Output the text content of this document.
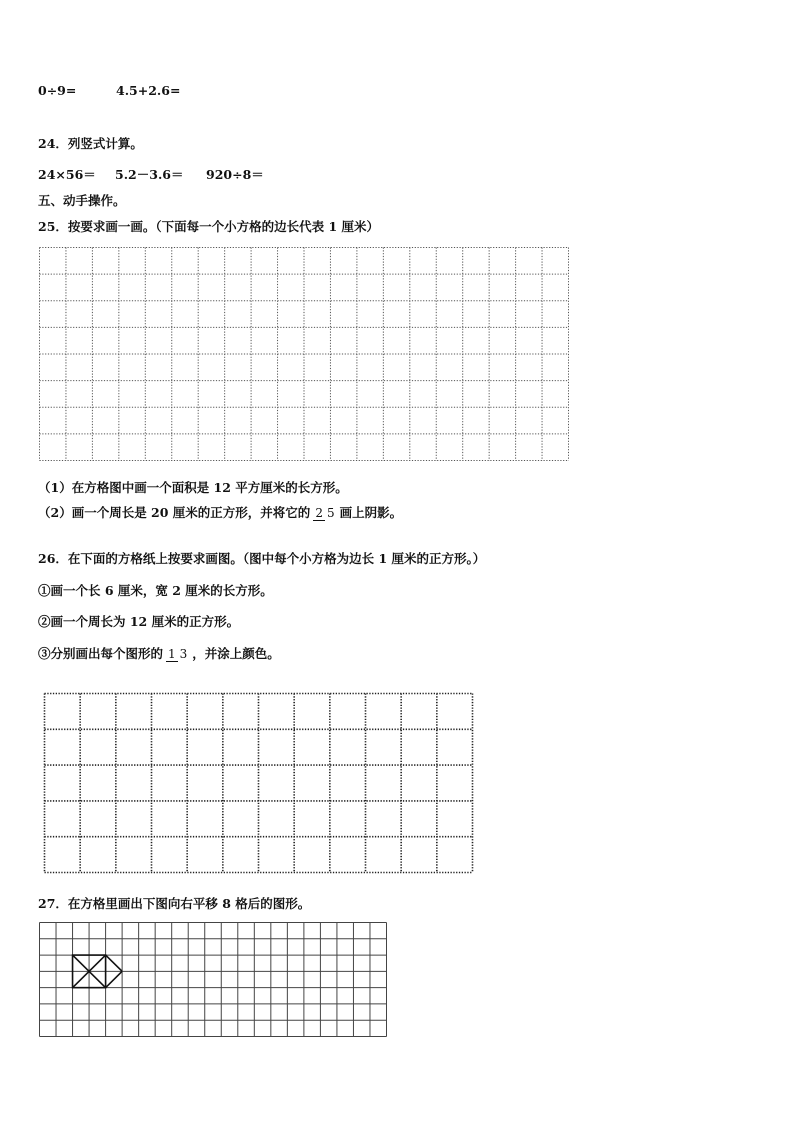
0÷9=	4.5+2.6=
24．列竖式计算。
24×56＝ 5.2－3.6＝ 920÷8＝
五、动手操作。
25．按要求画一画。（下面每一个小方格的边长代表 1 厘米）
（1）在方格图中画一个面积是 12 平方厘米的长方形。
（2）画一个周长是 20 厘米的正方形，并将它的 2 5 画上阴影。
26．在下面的方格纸上按要求画图。（图中每个小方格为边长 1 厘米的正方形。）
①画一个长 6 厘米，宽 2 厘米的长方形。
②画一个周长为 12 厘米的正方形。
③分别画出每个图形的 1 3 ，并涂上颜色。
27．在方格里画出下图向右平移 8 格后的图形。
